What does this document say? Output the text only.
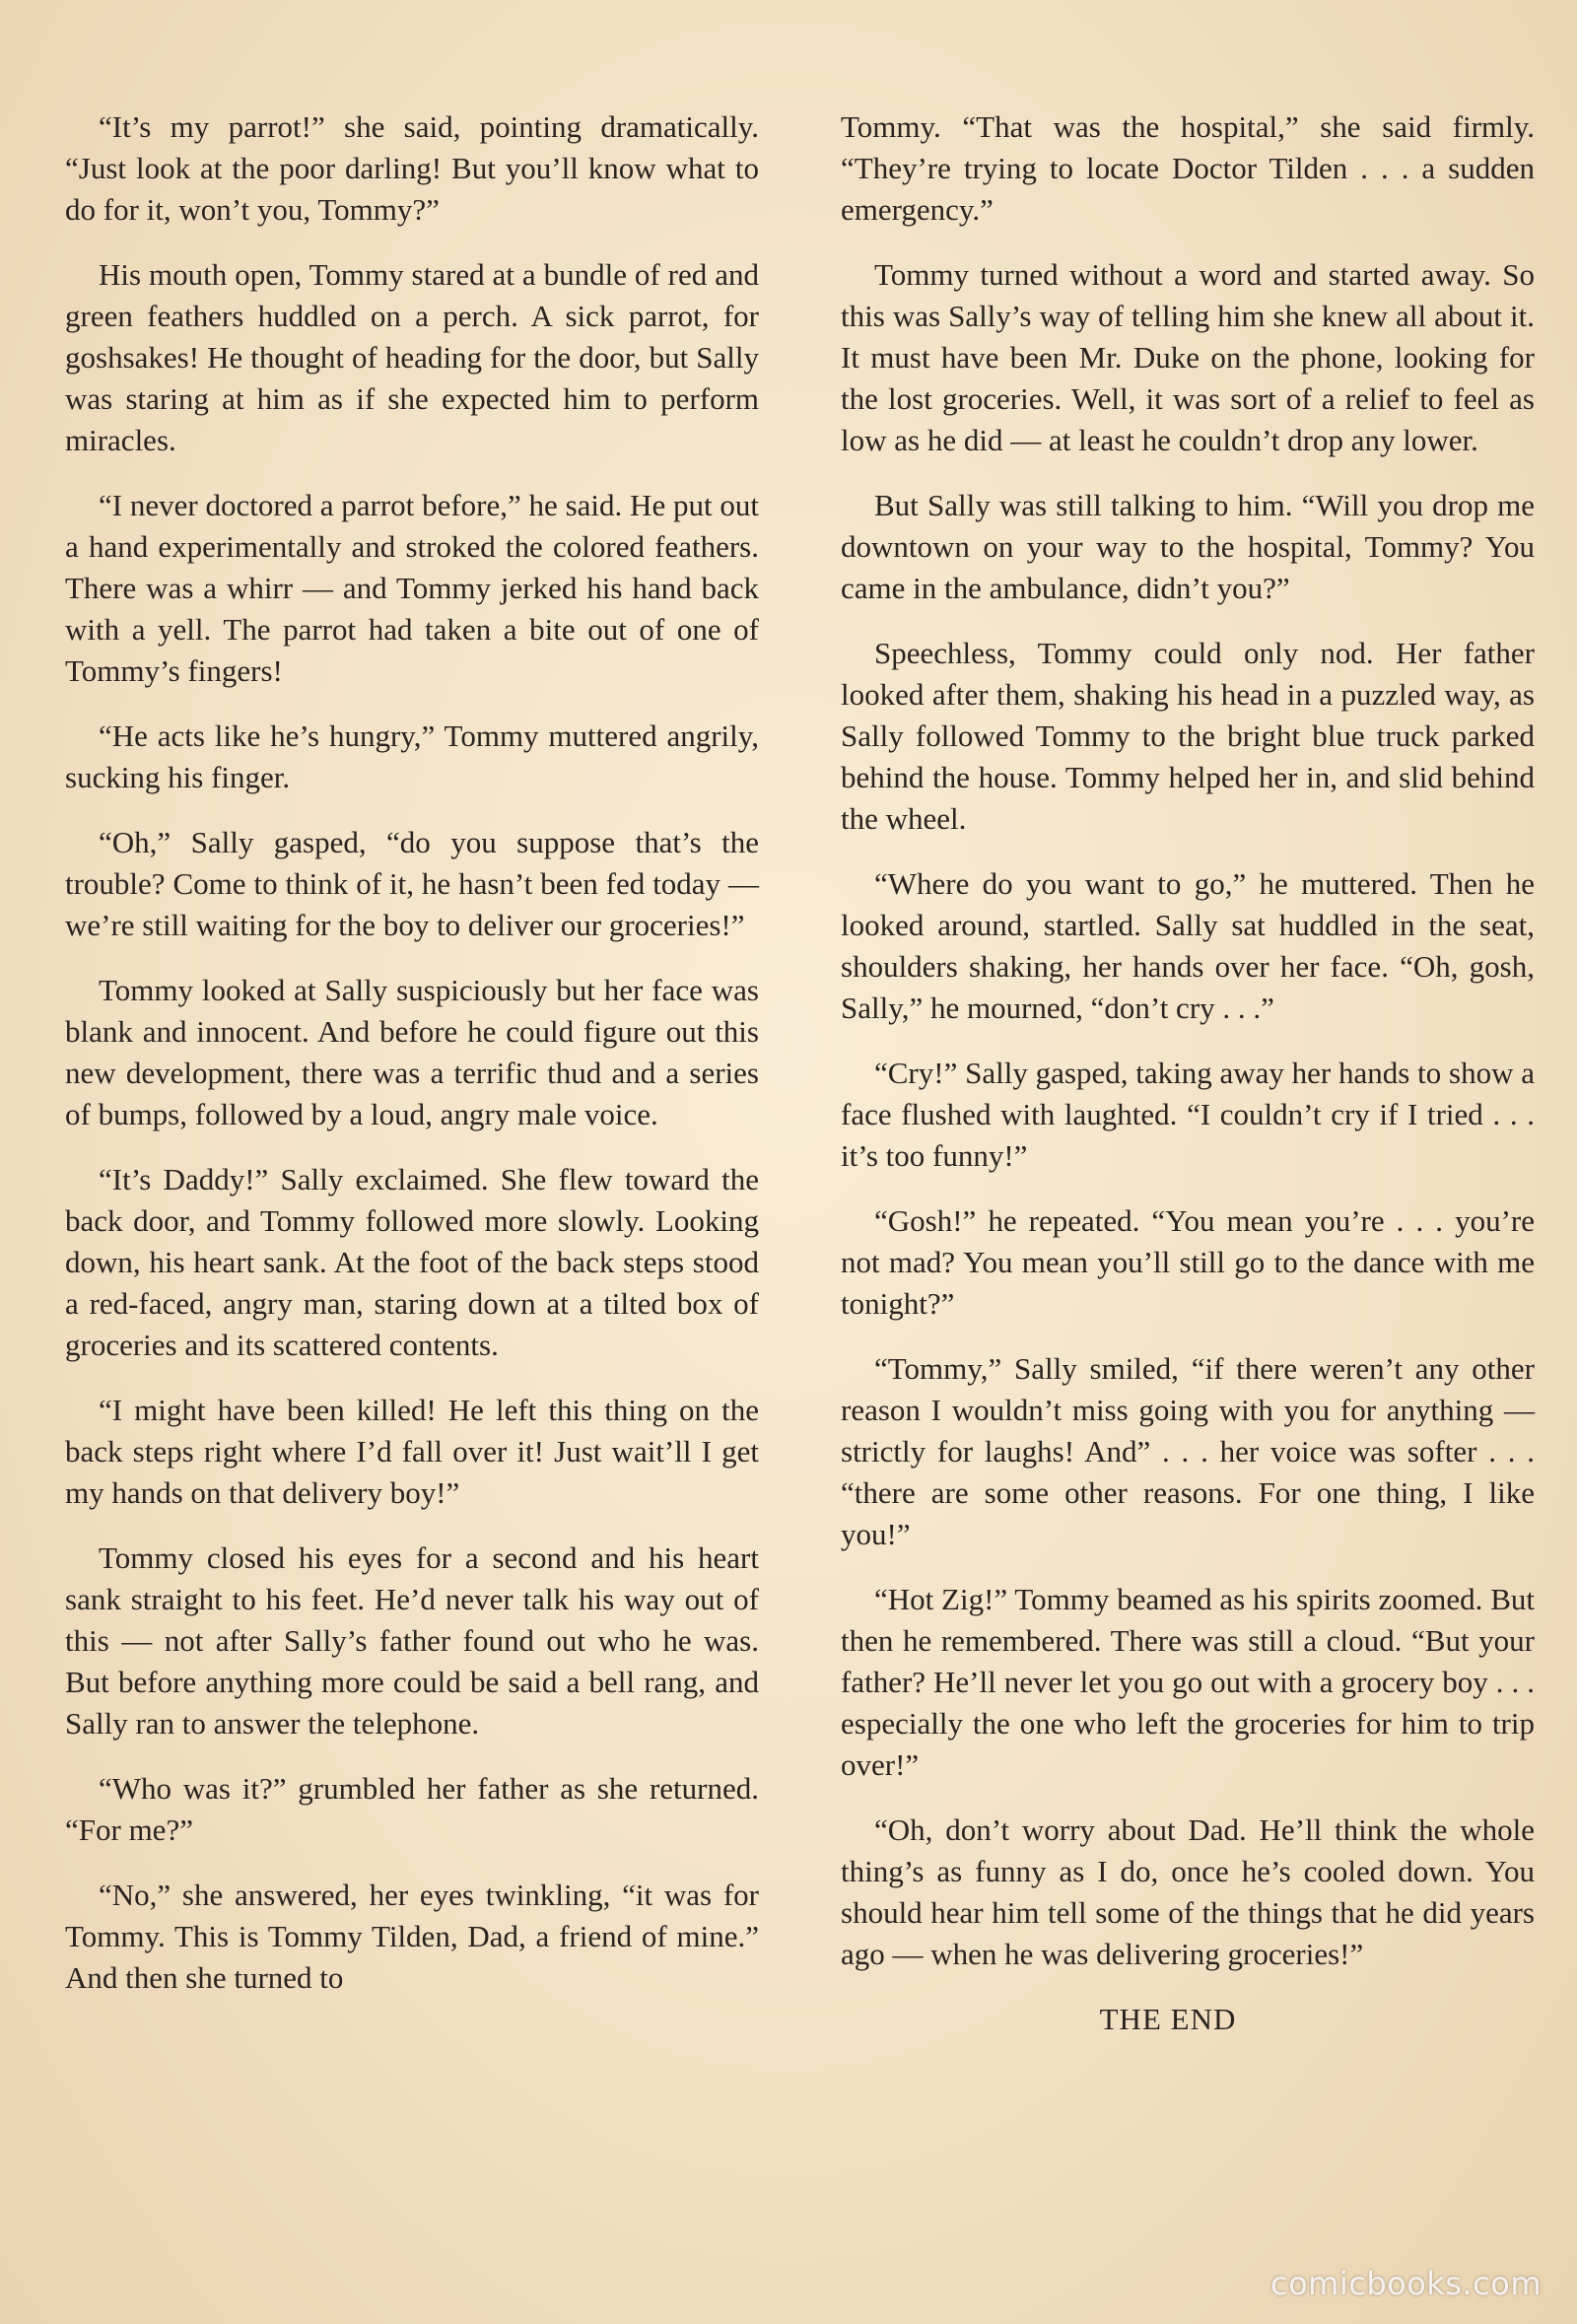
“It’s my parrot!” she said, pointing dramatically. “Just look at the poor darling! But you’ll know what to do for it, won’t you, Tommy?”

His mouth open, Tommy stared at a bundle of red and green feathers huddled on a perch. A sick parrot, for goshsakes! He thought of heading for the door, but Sally was staring at him as if she expected him to perform miracles.

“I never doctored a parrot before,” he said. He put out a hand experimentally and stroked the colored feathers. There was a whirr — and Tommy jerked his hand back with a yell. The parrot had taken a bite out of one of Tommy’s fingers!

“He acts like he’s hungry,” Tommy muttered angrily, sucking his finger.

“Oh,” Sally gasped, “do you suppose that’s the trouble? Come to think of it, he hasn’t been fed today — we’re still waiting for the boy to deliver our groceries!”

Tommy looked at Sally suspiciously but her face was blank and innocent. And before he could figure out this new development, there was a terrific thud and a series of bumps, followed by a loud, angry male voice.

“It’s Daddy!” Sally exclaimed. She flew toward the back door, and Tommy followed more slowly. Looking down, his heart sank. At the foot of the back steps stood a red-faced, angry man, staring down at a tilted box of groceries and its scattered contents.

“I might have been killed! He left this thing on the back steps right where I’d fall over it! Just wait’ll I get my hands on that delivery boy!”

Tommy closed his eyes for a second and his heart sank straight to his feet. He’d never talk his way out of this — not after Sally’s father found out who he was. But before anything more could be said a bell rang, and Sally ran to answer the telephone.

“Who was it?” grumbled her father as she returned. “For me?”

“No,” she answered, her eyes twinkling, “it was for Tommy. This is Tommy Tilden, Dad, a friend of mine.” And then she turned to

Tommy. “That was the hospital,” she said firmly. “They’re trying to locate Doctor Tilden . . . a sudden emergency.”

Tommy turned without a word and started away. So this was Sally’s way of telling him she knew all about it. It must have been Mr. Duke on the phone, looking for the lost groceries. Well, it was sort of a relief to feel as low as he did — at least he couldn’t drop any lower.

But Sally was still talking to him. “Will you drop me downtown on your way to the hospital, Tommy? You came in the ambulance, didn’t you?”

Speechless, Tommy could only nod. Her father looked after them, shaking his head in a puzzled way, as Sally followed Tommy to the bright blue truck parked behind the house. Tommy helped her in, and slid behind the wheel.

“Where do you want to go,” he muttered. Then he looked around, startled. Sally sat huddled in the seat, shoulders shaking, her hands over her face. “Oh, gosh, Sally,” he mourned, “don’t cry . . .”

“Cry!” Sally gasped, taking away her hands to show a face flushed with laughted. “I couldn’t cry if I tried . . . it’s too funny!”

“Gosh!” he repeated. “You mean you’re . . . you’re not mad? You mean you’ll still go to the dance with me tonight?”

“Tommy,” Sally smiled, “if there weren’t any other reason I wouldn’t miss going with you for anything — strictly for laughs! And” . . . her voice was softer . . . “there are some other reasons. For one thing, I like you!”

“Hot Zig!” Tommy beamed as his spirits zoomed. But then he remembered. There was still a cloud. “But your father? He’ll never let you go out with a grocery boy . . . especially the one who left the groceries for him to trip over!”

“Oh, don’t worry about Dad. He’ll think the whole thing’s as funny as I do, once he’s cooled down. You should hear him tell some of the things that he did years ago — when he was delivering groceries!”

THE END

comicbooks.com
